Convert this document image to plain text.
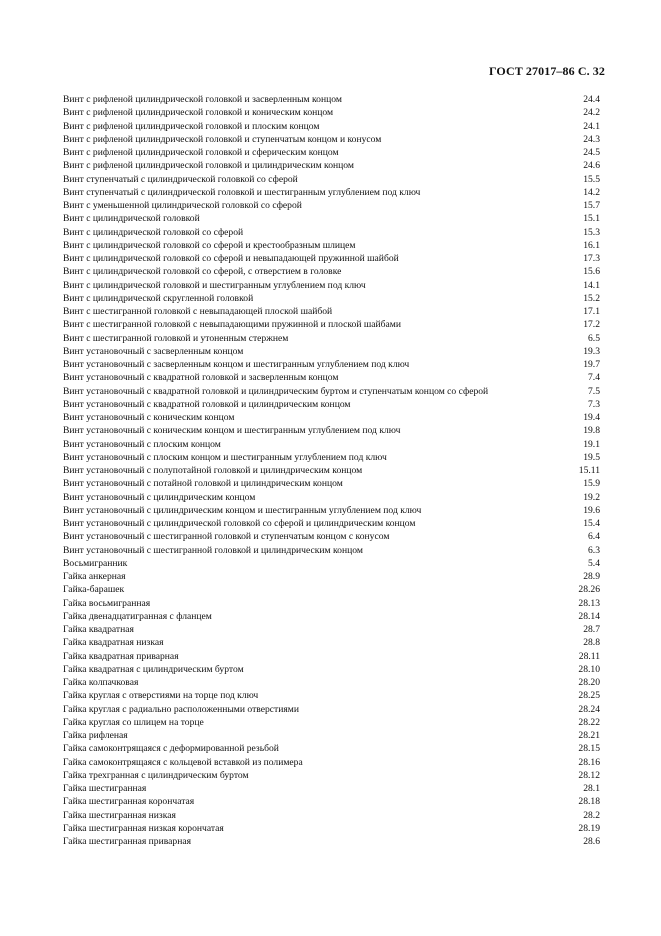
ГОСТ 27017–86 С. 32
Винт с рифленой цилиндрической головкой и засверленным концом	24.4
Винт с рифленой цилиндрической головкой и коническим концом	24.2
Винт с рифленой цилиндрической головкой и плоским концом	24.1
Винт с рифленой цилиндрической головкой и ступенчатым концом и конусом	24.3
Винт с рифленой цилиндрической головкой и сферическим концом	24.5
Винт с рифленой цилиндрической головкой и цилиндрическим концом	24.6
Винт ступенчатый с цилиндрической головкой со сферой	15.5
Винт ступенчатый с цилиндрической головкой и шестигранным углублением под ключ	14.2
Винт с уменьшенной цилиндрической головкой со сферой	15.7
Винт с цилиндрической головкой	15.1
Винт с цилиндрической головкой со сферой	15.3
Винт с цилиндрической головкой со сферой и крестообразным шлицем	16.1
Винт с цилиндрической головкой со сферой и невыпадающей пружинной шайбой	17.3
Винт с цилиндрической головкой со сферой, с отверстием в головке	15.6
Винт с цилиндрической головкой и шестигранным углублением под ключ	14.1
Винт с цилиндрической скругленной головкой	15.2
Винт с шестигранной головкой с невыпадающей плоской шайбой	17.1
Винт с шестигранной головкой с невыпадающими пружинной и плоской шайбами	17.2
Винт с шестигранной головкой и утоненным стержнем	6.5
Винт установочный с засверленным концом	19.3
Винт установочный с засверленным концом и шестигранным углублением под ключ	19.7
Винт установочный с квадратной головкой и засверленным концом	7.4
Винт установочный с квадратной головкой и цилиндрическим буртом и ступенчатым концом со сферой	7.5
Винт установочный с квадратной головкой и цилиндрическим концом	7.3
Винт установочный с коническим концом	19.4
Винт установочный с коническим концом и шестигранным углублением под ключ	19.8
Винт установочный с плоским концом	19.1
Винт установочный с плоским концом и шестигранным углублением под ключ	19.5
Винт установочный с полупотайной головкой и цилиндрическим концом	15.11
Винт установочный с потайной головкой и цилиндрическим концом	15.9
Винт установочный с цилиндрическим концом	19.2
Винт установочный с цилиндрическим концом и шестигранным углублением под ключ	19.6
Винт установочный с цилиндрической головкой со сферой и цилиндрическим концом	15.4
Винт установочный с шестигранной головкой и ступенчатым концом с конусом	6.4
Винт установочный с шестигранной головкой и цилиндрическим концом	6.3
Восьмигранник	5.4
Гайка анкерная	28.9
Гайка-барашек	28.26
Гайка восьмигранная	28.13
Гайка двенадцатигранная с фланцем	28.14
Гайка квадратная	28.7
Гайка квадратная низкая	28.8
Гайка квадратная приварная	28.11
Гайка квадратная с цилиндрическим буртом	28.10
Гайка колпачковая	28.20
Гайка круглая с отверстиями на торце под ключ	28.25
Гайка круглая с радиально расположенными отверстиями	28.24
Гайка круглая со шлицем на торце	28.22
Гайка рифленая	28.21
Гайка самоконтрящаяся с деформированной резьбой	28.15
Гайка самоконтрящаяся с кольцевой вставкой из полимера	28.16
Гайка трехгранная с цилиндрическим буртом	28.12
Гайка шестигранная	28.1
Гайка шестигранная корончатая	28.18
Гайка шестигранная низкая	28.2
Гайка шестигранная низкая корончатая	28.19
Гайка шестигранная приварная	28.6
